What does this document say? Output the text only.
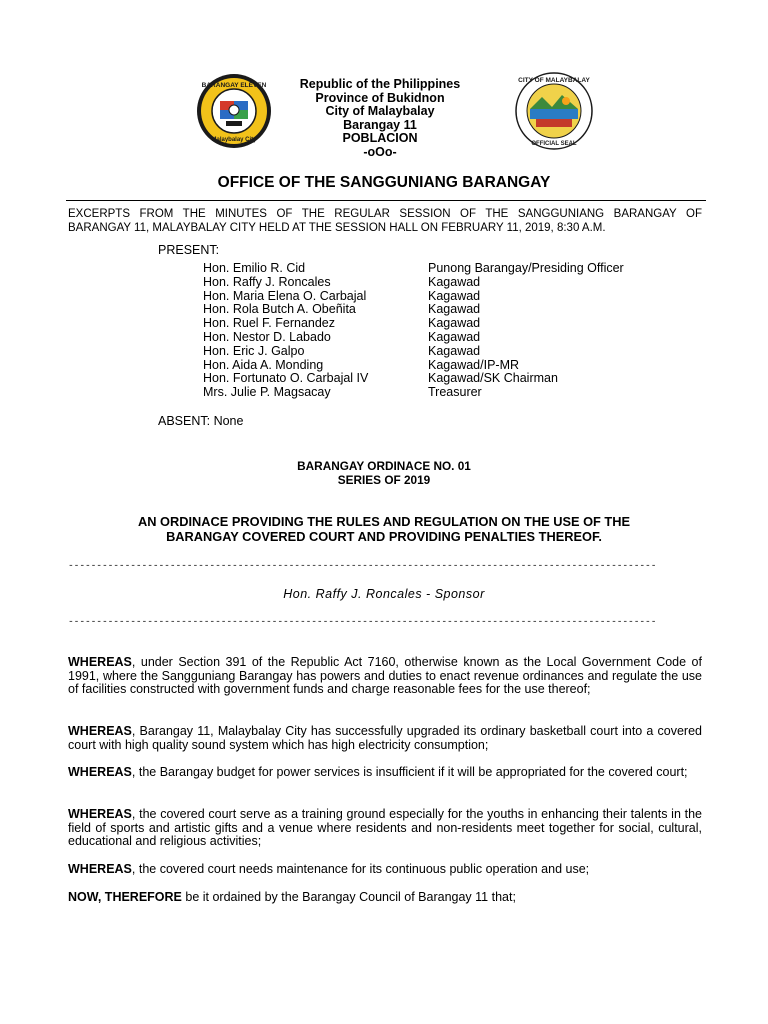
BARANGAY ELEVEN
Malaybalay City
Republic of the Philippines
Province of Bukidnon
City of Malaybalay
Barangay 11
POBLACION
-oOo-
CITY OF MALAYBALAY
OFFICIAL SEAL
OFFICE OF THE SANGGUNIANG BARANGAY
EXCERPTS FROM THE MINUTES OF THE REGULAR SESSION OF THE SANGGUNIANG BARANGAY OF
BARANGAY 11, MALAYBALAY CITY HELD AT THE SESSION HALL ON FEBRUARY 11, 2019, 8:30 A.M.
PRESENT:
Hon. Emilio R. Cid	Punong Barangay/Presiding Officer
Hon. Raffy J. Roncales	Kagawad
Hon. Maria Elena O. Carbajal	Kagawad
Hon. Rola Butch A. Obeñita	Kagawad
Hon. Ruel F. Fernandez	Kagawad
Hon. Nestor D. Labado	Kagawad
Hon. Eric J. Galpo	Kagawad
Hon. Aida A. Monding	Kagawad/IP-MR
Hon. Fortunato O. Carbajal IV	Kagawad/SK Chairman
Mrs. Julie P. Magsacay	Treasurer
ABSENT: None
BARANGAY ORDINACE NO. 01
SERIES OF 2019
AN ORDINACE PROVIDING THE RULES AND REGULATION ON THE USE OF THE
BARANGAY COVERED COURT AND PROVIDING PENALTIES THEREOF.
--------------------------------------------------------------------------------------------------------
Hon. Raffy J. Roncales - Sponsor
--------------------------------------------------------------------------------------------------------
WHEREAS, under Section 391 of the Republic Act 7160, otherwise known as the Local Government Code of 1991, where the Sangguniang Barangay has powers and duties to enact revenue ordinances and regulate the use of facilities constructed with government funds and charge reasonable fees for the use thereof;
WHEREAS, Barangay 11, Malaybalay City has successfully upgraded its ordinary basketball court into a covered court with high quality sound system which has high electricity consumption;
WHEREAS, the Barangay budget for power services is insufficient if it will be appropriated for the covered court;
WHEREAS, the covered court serve as a training ground especially for the youths in enhancing their talents in the field of sports and artistic gifts and a venue where residents and non-residents meet together for social, cultural, educational and religious activities;
WHEREAS, the covered court needs maintenance for its continuous public operation and use;
NOW, THEREFORE be it ordained by the Barangay Council of Barangay 11 that;
